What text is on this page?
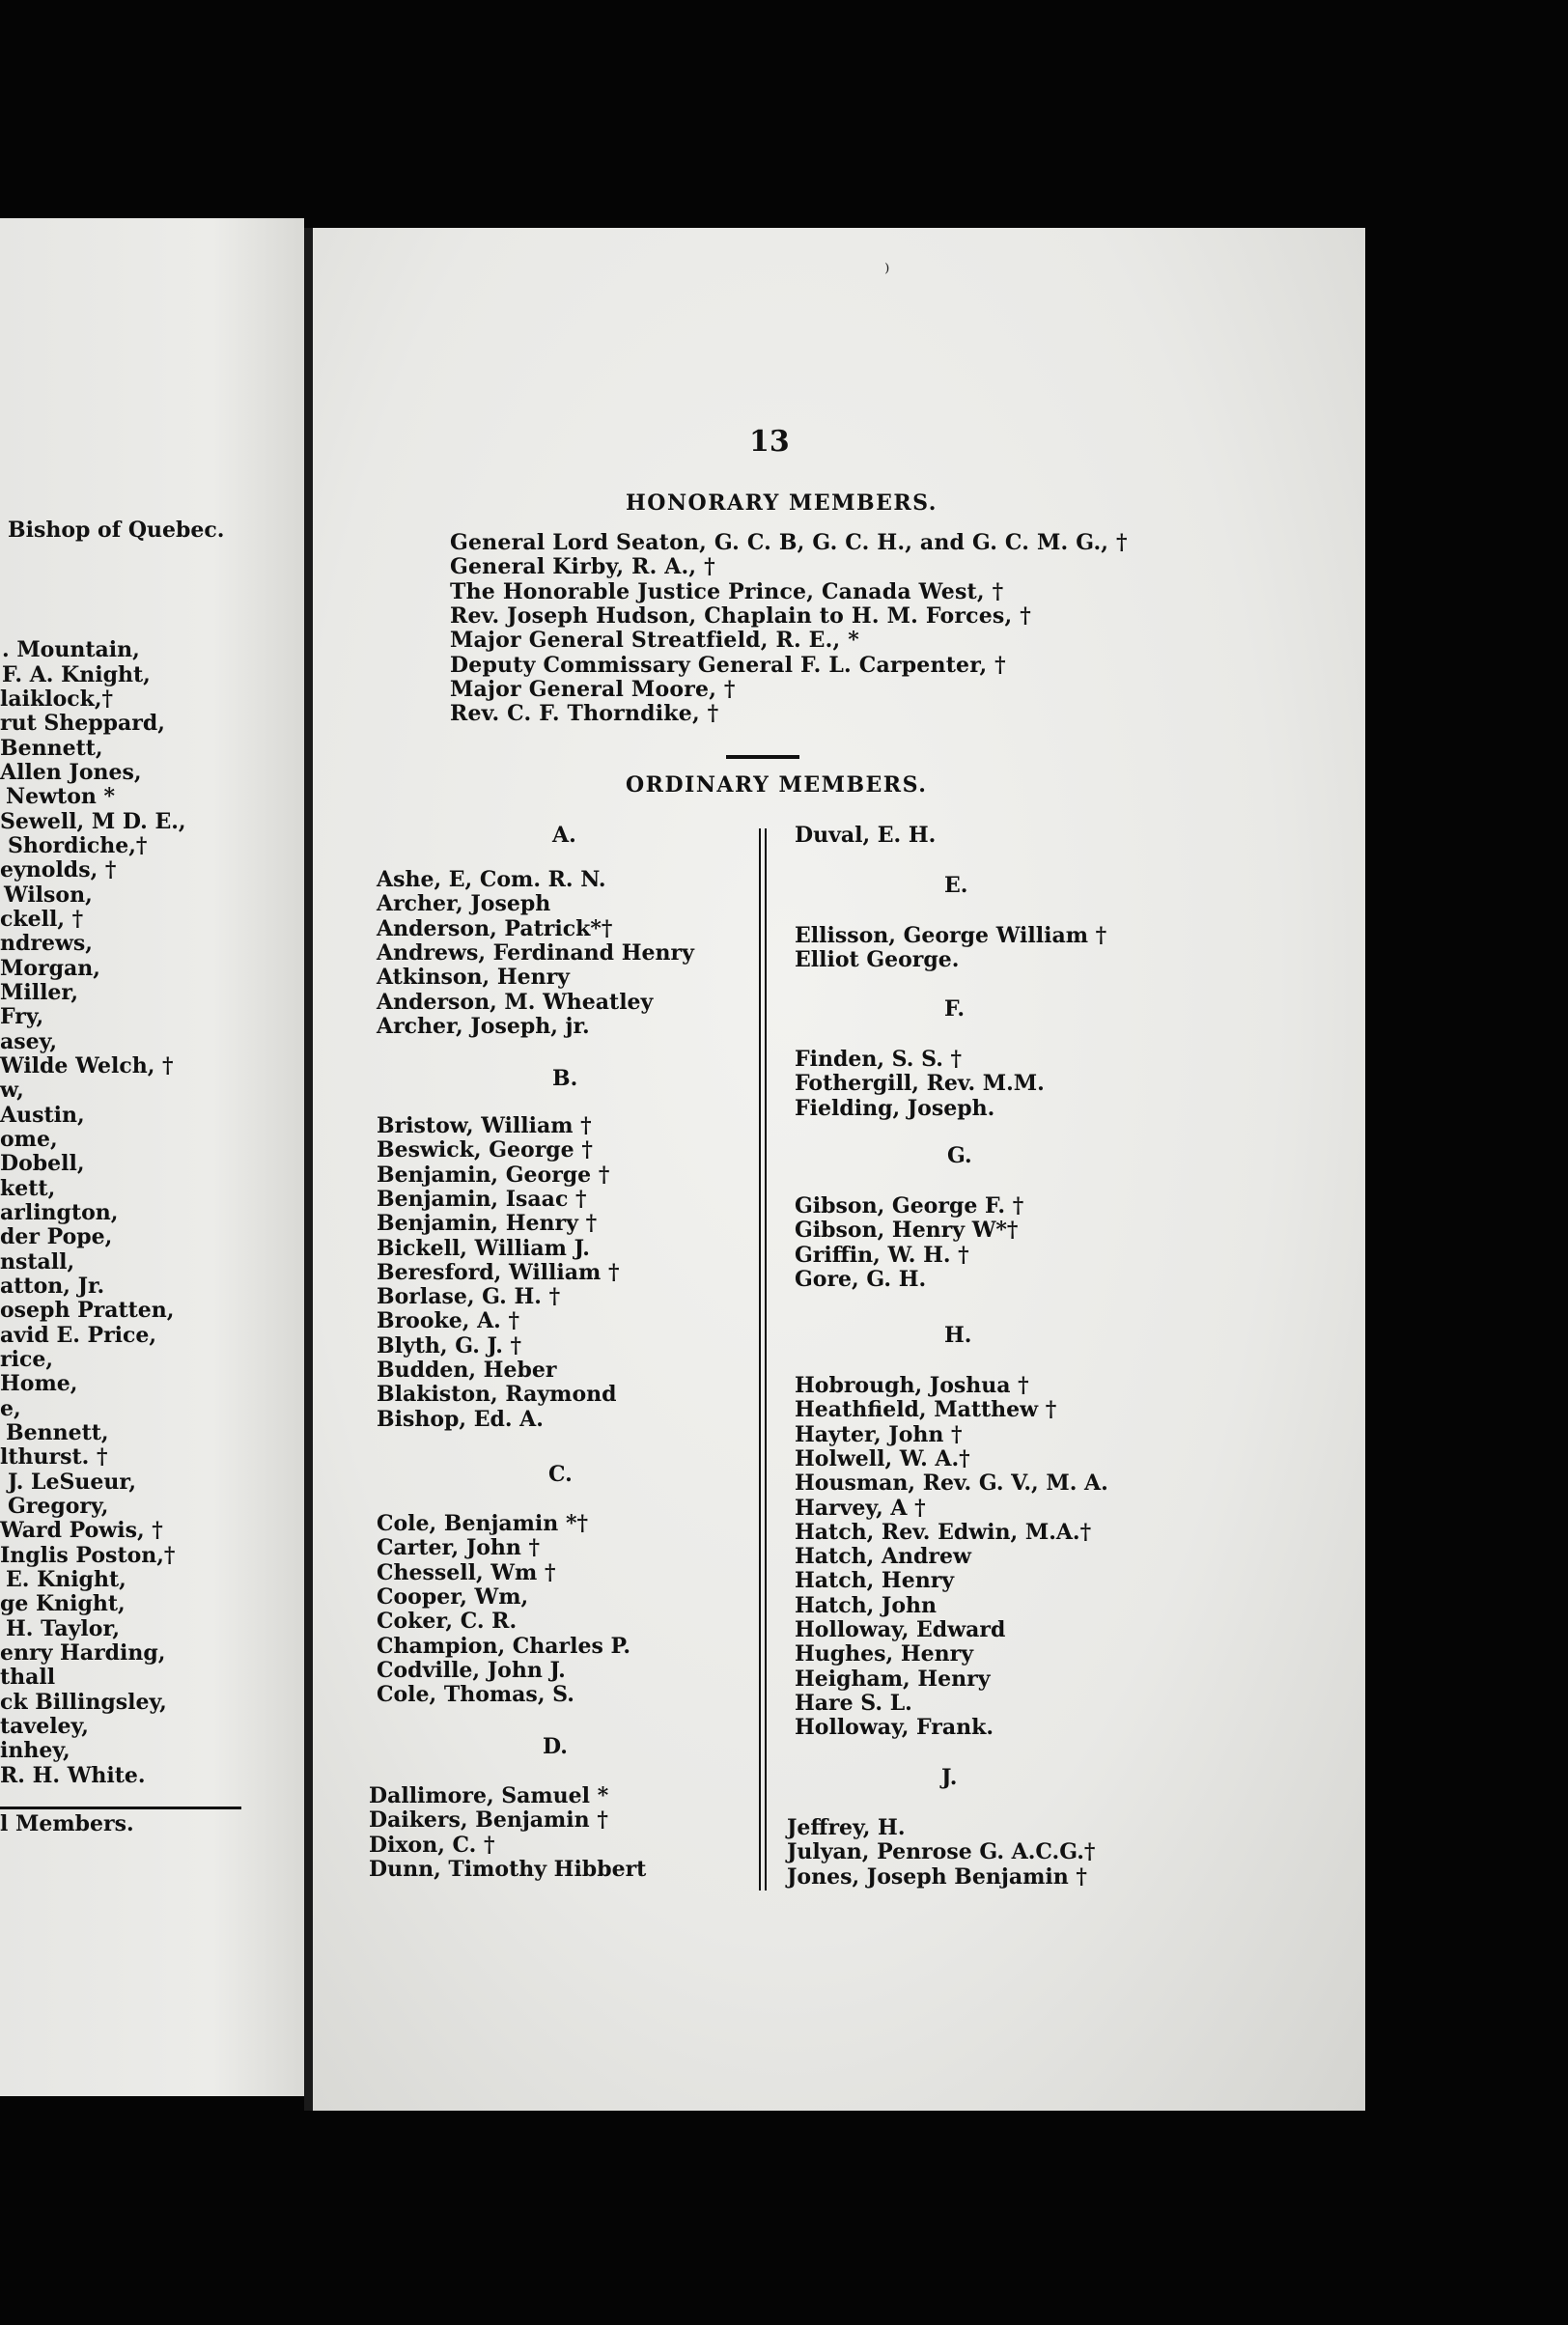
Bishop of Quebec.
. Mountain,
F. A. Knight,
laiklock,†
rut Sheppard,
Bennett,
Allen Jones,
Newton *
Sewell, M D. E.,
Shordiche,†
eynolds, †
Wilson,
ckell, †
ndrews,
Morgan,
Miller,
Fry,
asey,
Wilde Welch, †
w,
Austin,
ome,
Dobell,
kett,
arlington,
der Pope,
nstall,
atton, Jr.
oseph Pratten,
avid E. Price,
rice,
Home,
e,
Bennett,
lthurst. †
J. LeSueur,
Gregory,
Ward Powis, †
Inglis Poston,†
E. Knight,
ge Knight,
H. Taylor,
enry Harding,
thall
ck Billingsley,
taveley,
inhey,
R. H. White.
l Members.
13
HONORARY MEMBERS.
General Lord Seaton, G. C. B, G. C. H., and G. C. M. G., †
General Kirby, R. A., †
The Honorable Justice Prince, Canada West, †
Rev. Joseph Hudson, Chaplain to H. M. Forces, †
Major General Streatfield, R. E., *
Deputy Commissary General F. L. Carpenter, †
Major General Moore, †
Rev. C. F. Thorndike, †
ORDINARY MEMBERS.
A.
Ashe, E, Com. R. N.
Archer, Joseph
Anderson, Patrick*†
Andrews, Ferdinand Henry
Atkinson, Henry
Anderson, M. Wheatley
Archer, Joseph, jr.
B.
Bristow, William †
Beswick, George †
Benjamin, George †
Benjamin, Isaac †
Benjamin, Henry †
Bickell, William J.
Beresford, William †
Borlase, G. H. †
Brooke, A. †
Blyth, G. J. †
Budden, Heber
Blakiston, Raymond
Bishop, Ed. A.
C.
Cole, Benjamin *†
Carter, John †
Chessell, Wm †
Cooper, Wm,
Coker, C. R.
Champion, Charles P.
Codville, John J.
Cole, Thomas, S.
D.
Dallimore, Samuel *
Daikers, Benjamin †
Dixon, C. †
Dunn, Timothy Hibbert
Duval, E. H.
E.
Ellisson, George William †
Elliot George.
F.
Finden, S. S. †
Fothergill, Rev. M.M.
Fielding, Joseph.
G.
Gibson, George F. †
Gibson, Henry W*†
Griffin, W. H. †
Gore, G. H.
H.
Hobrough, Joshua †
Heathfield, Matthew †
Hayter, John †
Holwell, W. A.†
Housman, Rev. G. V., M. A.
Harvey, A †
Hatch, Rev. Edwin, M.A.†
Hatch, Andrew
Hatch, Henry
Hatch, John
Holloway, Edward
Hughes, Henry
Heigham, Henry
Hare S. L.
Holloway, Frank.
J.
Jeffrey, H.
Julyan, Penrose G. A.C.G.†
Jones, Joseph Benjamin †
⁾
